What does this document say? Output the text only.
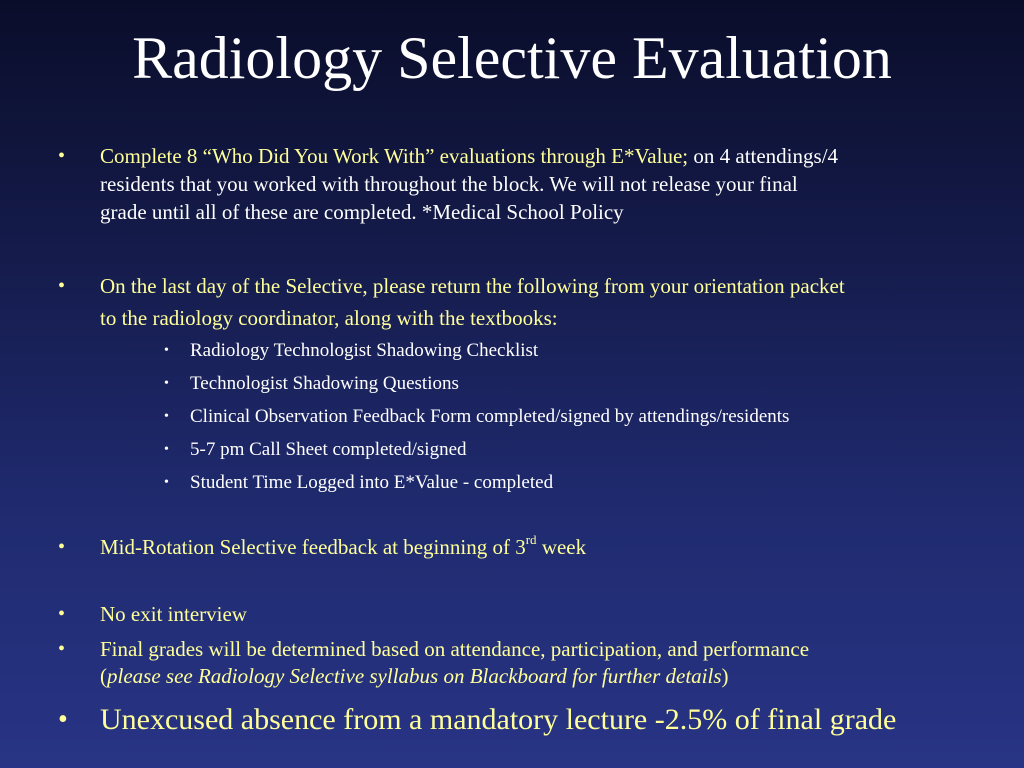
Radiology Selective Evaluation
•	Complete 8 “Who Did You Work With” evaluations through E*Value; on 4 attendings/4
residents that you worked with throughout the block. We will not release your final
grade until all of these are completed. *Medical School Policy
•	On the last day of the Selective, please return the following from your orientation packet
to the radiology coordinator, along with the textbooks:
• Radiology Technologist Shadowing Checklist
• Technologist Shadowing Questions
• Clinical Observation Feedback Form completed/signed by attendings/residents
• 5-7 pm Call Sheet completed/signed
• Student Time Logged into E*Value - completed
•	Mid-Rotation Selective feedback at beginning of 3rd week
•	No exit interview
•	Final grades will be determined based on attendance, participation, and performance
(please see Radiology Selective syllabus on Blackboard for further details)
• Unexcused absence from a mandatory lecture -2.5% of final grade
